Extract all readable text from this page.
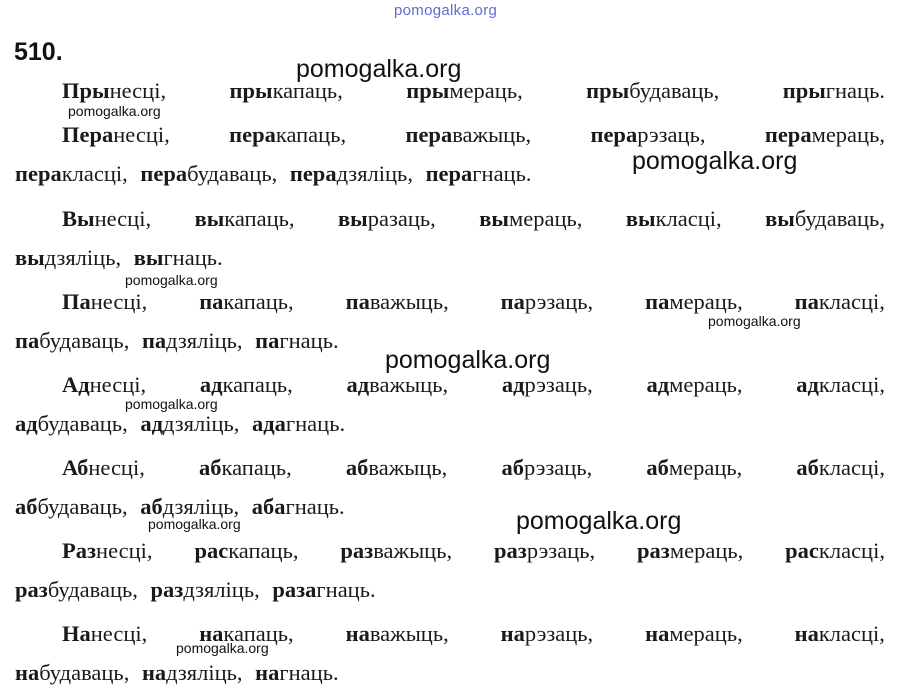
pomogalka.org
510.
Прынесці,	прыкапаць,	прымераць,	прыбудаваць,	прыгнаць.
Перанесці,	перакапаць,	пераважыць,	перарэзаць,	перамераць,
перакласці, перабудаваць, перадзяліць, перагнаць.
Вынесці, выкапаць, выразаць, вымераць, выкласці, выбудаваць,
выдзяліць, выгнаць.
Панесці, пакапаць, паважыць, парэзаць, памераць, пакласці,
пабудаваць, падзяліць, пагнаць.
Аднесці, адкапаць, адважыць, адрэзаць, адмераць, адкласці,
адбудаваць, аддзяліць, адагнаць.
Абнесці, абкапаць, абважыць, абрэзаць, абмераць, абкласці,
аббудаваць, абдзяліць, абагнаць.
Разнесці, раскапаць, разважыць, разрэзаць, размераць, раскласці,
разбудаваць, раздзяліць, разагнаць.
Нанесці, накапаць, наважыць, нарэзаць, намераць, накласці,
набудаваць, надзяліць, нагнаць.
pomogalka.org
pomogalka.org
pomogalka.org
pomogalka.org
pomogalka.org
pomogalka.org
pomogalka.org
pomogalka.org
pomogalka.org
pomogalka.org
